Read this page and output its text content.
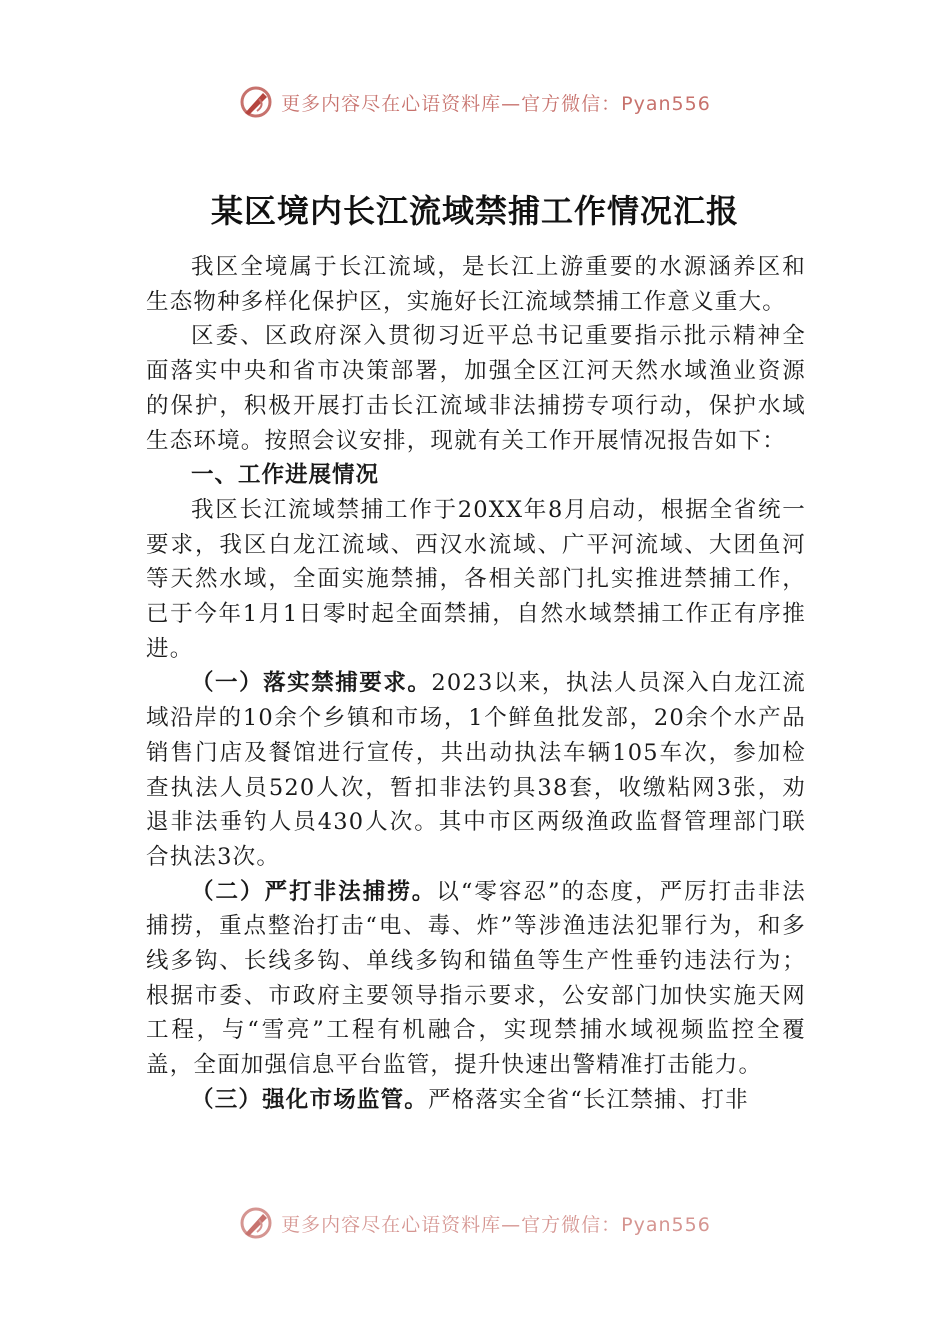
更多内容尽在心语资料库—官方微信：Pyan556
某区境内长江流域禁捕工作情况汇报

我区全境属于长江流域，是长江上游重要的水源涵养区和生态物种多样化保护区，实施好长江流域禁捕工作意义重大。

区委、区政府深入贯彻习近平总书记重要指示批示精神全面落实中央和省市决策部署，加强全区江河天然水域渔业资源的保护，积极开展打击长江流域非法捕捞专项行动，保护水域生态环境。按照会议安排，现就有关工作开展情况报告如下：

一、工作进展情况

我区长江流域禁捕工作于20XX年8月启动，根据全省统一要求，我区白龙江流域、西汉水流域、广平河流域、大团鱼河等天然水域，全面实施禁捕，各相关部门扎实推进禁捕工作，已于今年1月1日零时起全面禁捕，自然水域禁捕工作正有序推进。

（一）落实禁捕要求。2023以来，执法人员深入白龙江流域沿岸的10余个乡镇和市场，1个鲜鱼批发部，20余个水产品销售门店及餐馆进行宣传，共出动执法车辆105车次，参加检查执法人员520人次，暂扣非法钓具38套，收缴粘网3张，劝退非法垂钓人员430人次。其中市区两级渔政监督管理部门联合执法3次。

（二）严打非法捕捞。以“零容忍”的态度，严厉打击非法捕捞，重点整治打击“电、毒、炸”等涉渔违法犯罪行为，和多线多钩、长线多钩、单线多钩和锚鱼等生产性垂钓违法行为；根据市委、市政府主要领导指示要求，公安部门加快实施天网工程，与“雪亮”工程有机融合，实现禁捕水域视频监控全覆盖，全面加强信息平台监管，提升快速出警精准打击能力。

（三）强化市场监管。严格落实全省“长江禁捕、打非

更多内容尽在心语资料库—官方微信：Pyan556
